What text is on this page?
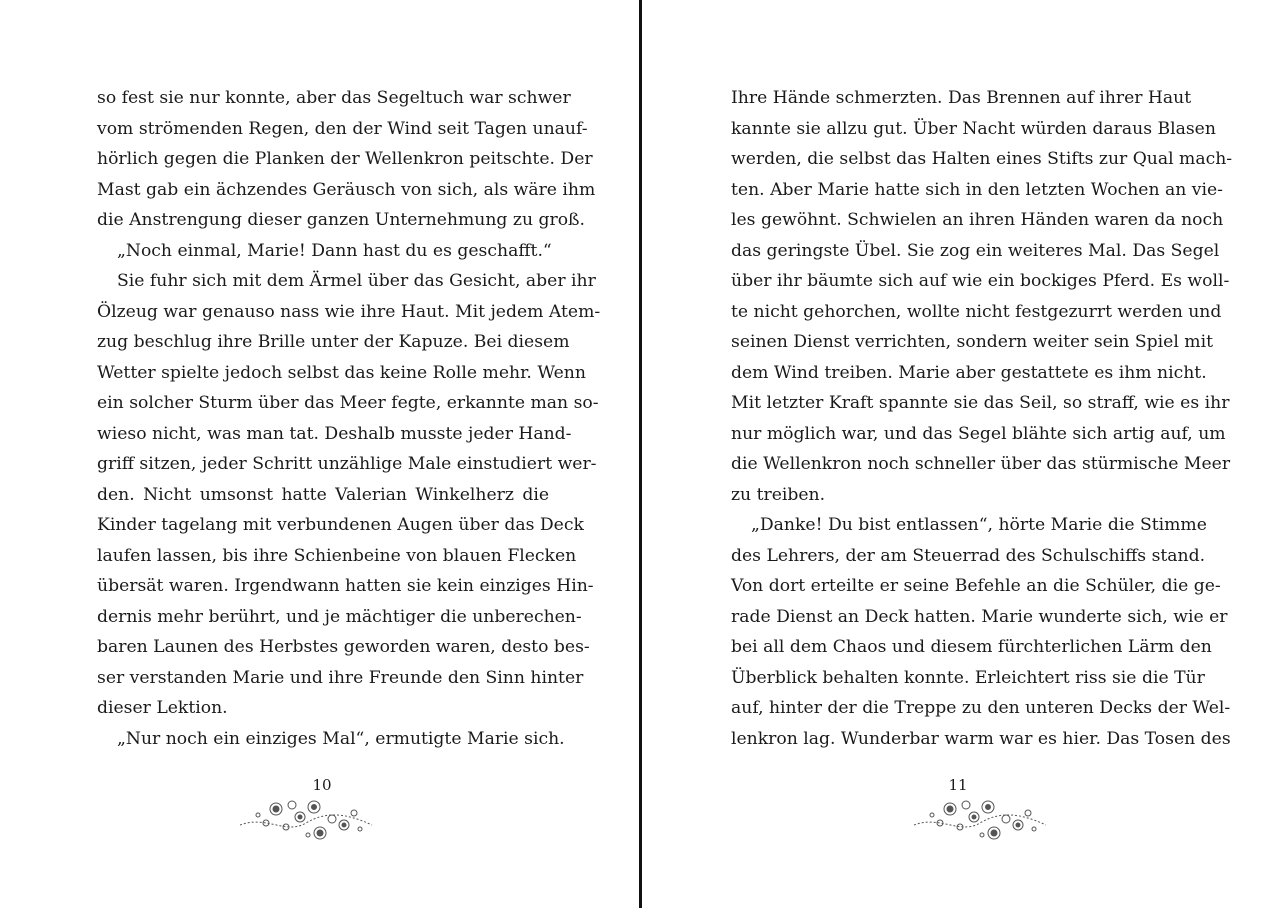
so fest sie nur konnte, aber das Segeltuch war schwer
vom strömenden Regen, den der Wind seit Tagen unauf-
hörlich gegen die Planken der Wellenkron peitschte. Der
Mast gab ein ächzendes Geräusch von sich, als wäre ihm
die Anstrengung dieser ganzen Unternehmung zu groß.
„Noch einmal, Marie! Dann hast du es geschafft.“
Sie fuhr sich mit dem Ärmel über das Gesicht, aber ihr
Ölzeug war genauso nass wie ihre Haut. Mit jedem Atem-
zug beschlug ihre Brille unter der Kapuze. Bei diesem
Wetter spielte jedoch selbst das keine Rolle mehr. Wenn
ein solcher Sturm über das Meer fegte, erkannte man so-
wieso nicht, was man tat. Deshalb musste jeder Hand-
griff sitzen, jeder Schritt unzählige Male einstudiert wer-
den. Nicht umsonst hatte Valerian Winkelherz die
Kinder tagelang mit verbundenen Augen über das Deck
laufen lassen, bis ihre Schienbeine von blauen Flecken
übersät waren. Irgendwann hatten sie kein einziges Hin-
dernis mehr berührt, und je mächtiger die unberechen-
baren Launen des Herbstes geworden waren, desto bes-
ser verstanden Marie und ihre Freunde den Sinn hinter
dieser Lektion.
„Nur noch ein einziges Mal“, ermutigte Marie sich.
10
Ihre Hände schmerzten. Das Brennen auf ihrer Haut
kannte sie allzu gut. Über Nacht würden daraus Blasen
werden, die selbst das Halten eines Stifts zur Qual mach-
ten. Aber Marie hatte sich in den letzten Wochen an vie-
les gewöhnt. Schwielen an ihren Händen waren da noch
das geringste Übel. Sie zog ein weiteres Mal. Das Segel
über ihr bäumte sich auf wie ein bockiges Pferd. Es woll-
te nicht gehorchen, wollte nicht festgezurrt werden und
seinen Dienst verrichten, sondern weiter sein Spiel mit
dem Wind treiben. Marie aber gestattete es ihm nicht.
Mit letzter Kraft spannte sie das Seil, so straff, wie es ihr
nur möglich war, und das Segel blähte sich artig auf, um
die Wellenkron noch schneller über das stürmische Meer
zu treiben.
„Danke! Du bist entlassen“, hörte Marie die Stimme
des Lehrers, der am Steuerrad des Schulschiffs stand.
Von dort erteilte er seine Befehle an die Schüler, die ge-
rade Dienst an Deck hatten. Marie wunderte sich, wie er
bei all dem Chaos und diesem fürchterlichen Lärm den
Überblick behalten konnte. Erleichtert riss sie die Tür
auf, hinter der die Treppe zu den unteren Decks der Wel-
lenkron lag. Wunderbar warm war es hier. Das Tosen des
11
